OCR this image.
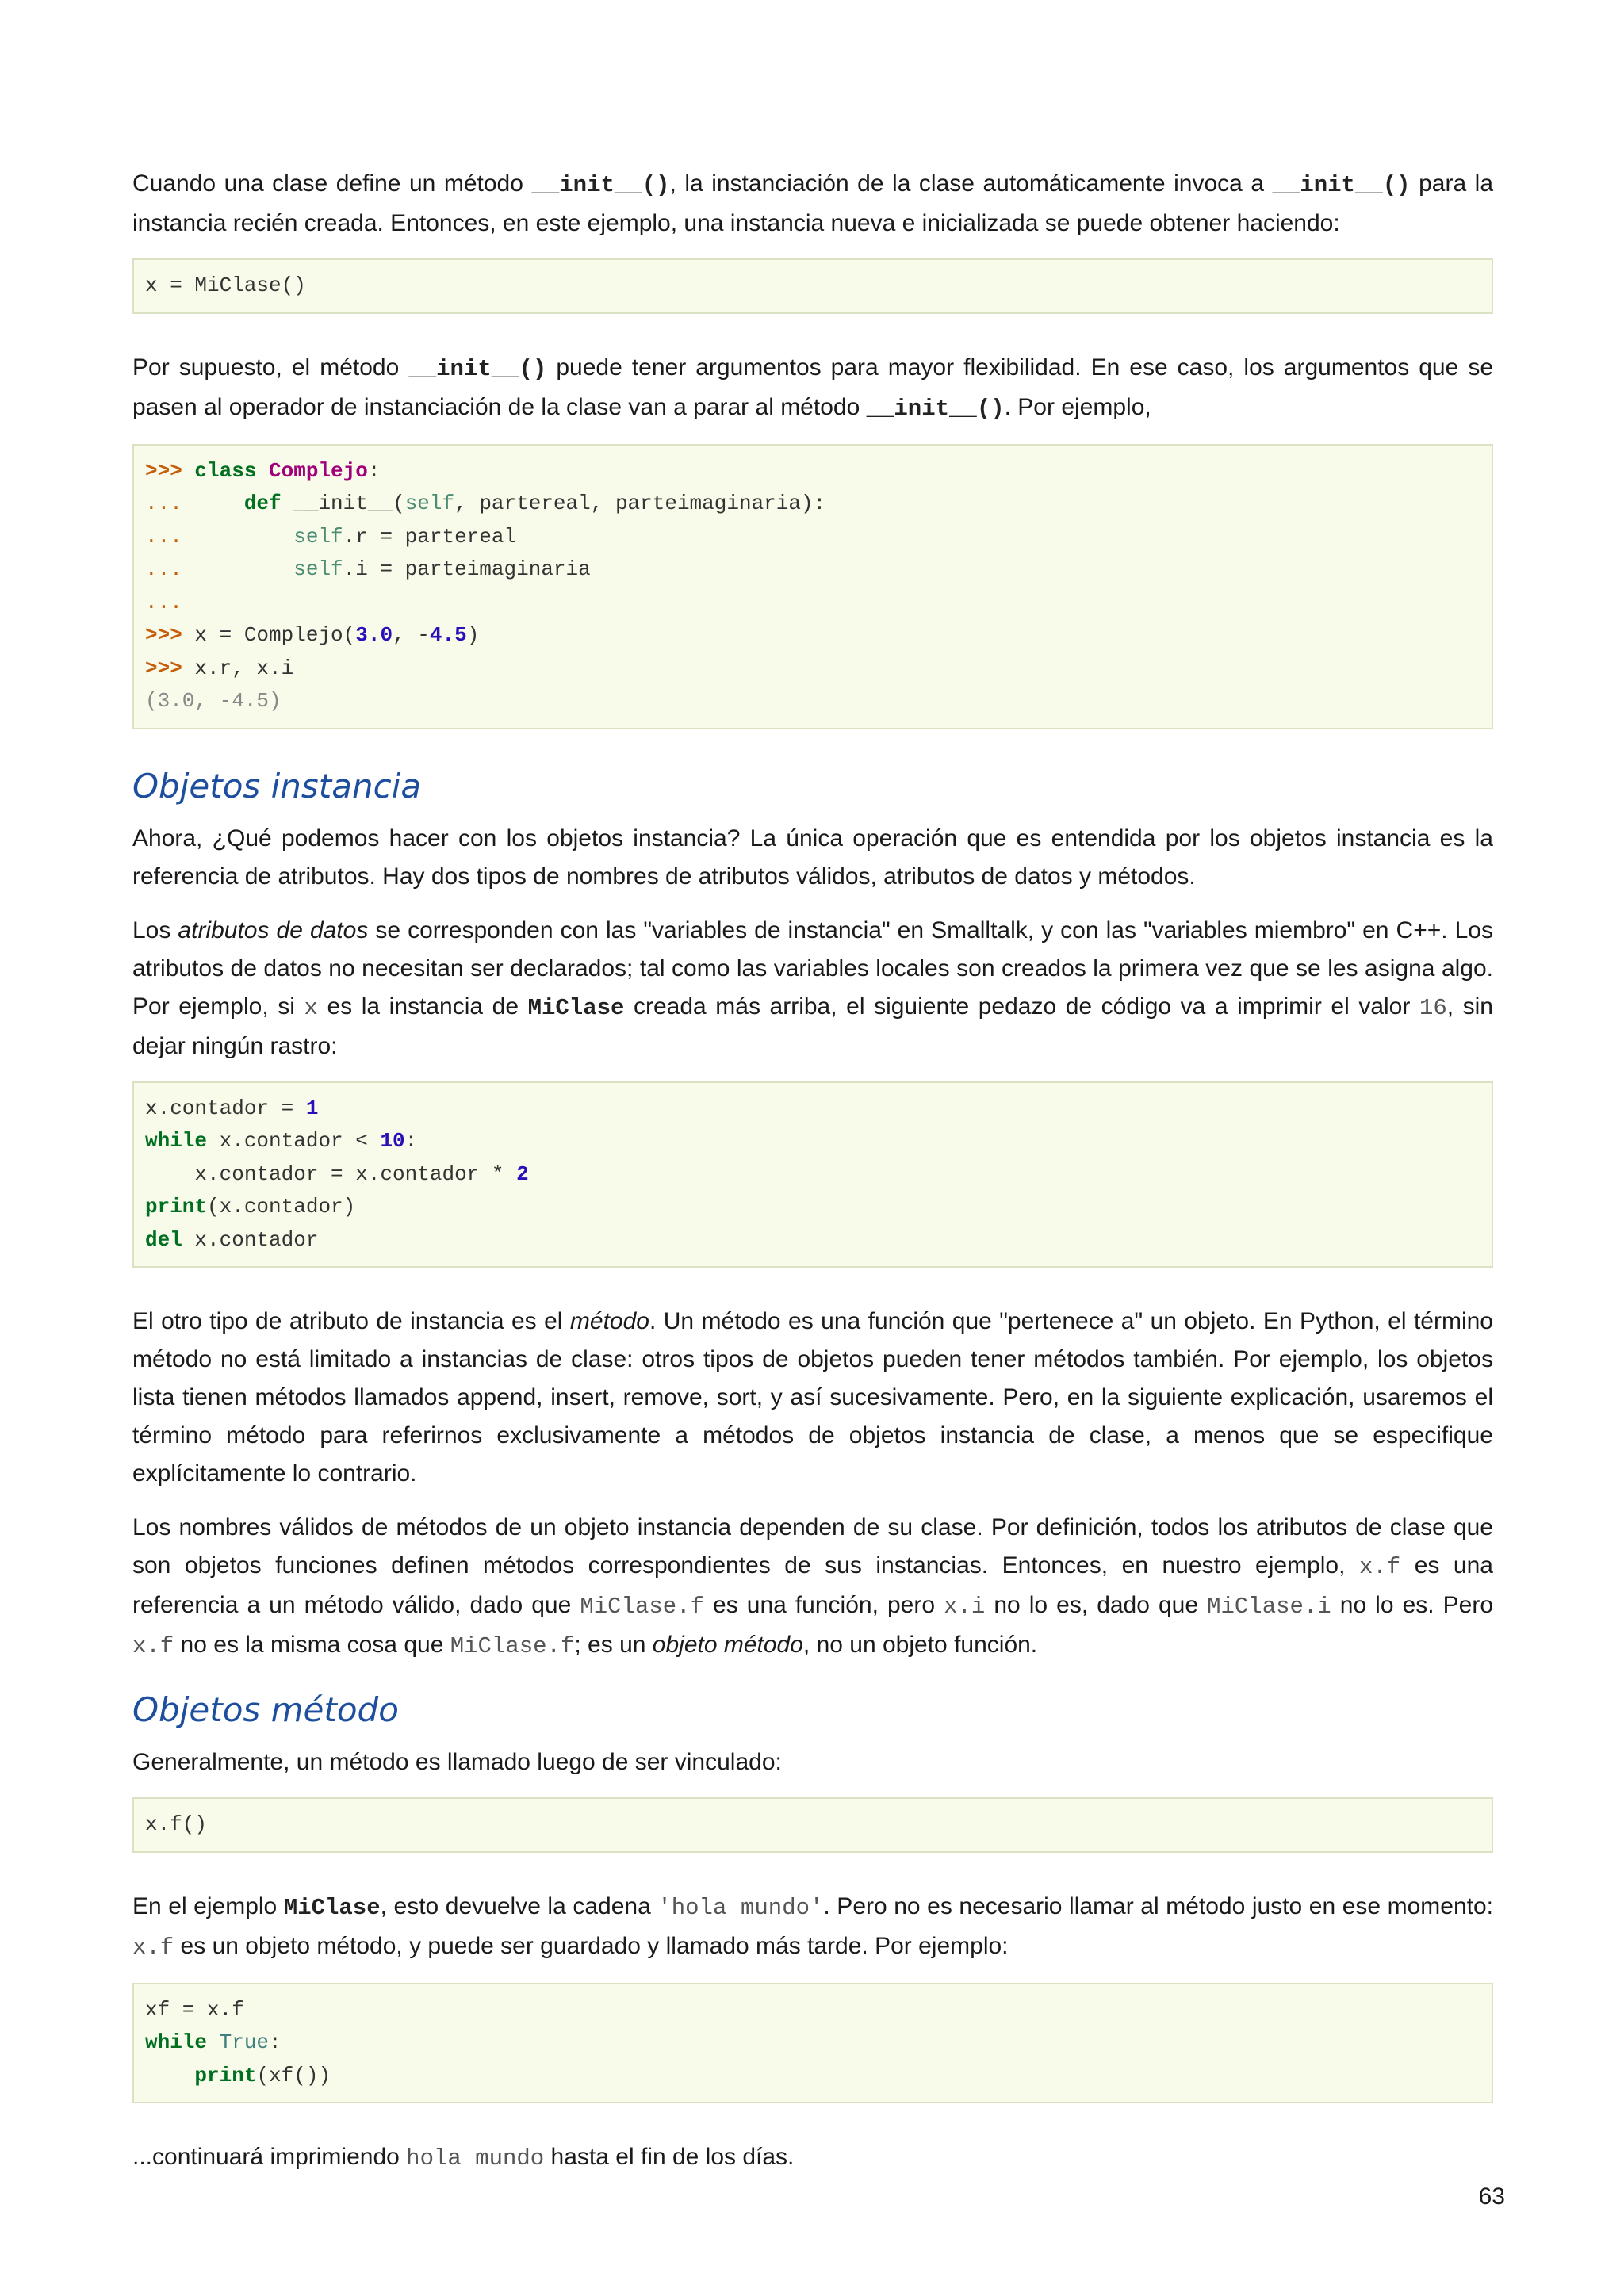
Cuando una clase define un método __init__(), la instanciación de la clase automáticamente invoca a __init__() para la instancia recién creada. Entonces, en este ejemplo, una instancia nueva e inicializada se puede obtener haciendo:

x = MiClase()

Por supuesto, el método __init__() puede tener argumentos para mayor flexibilidad. En ese caso, los argumentos que se pasen al operador de instanciación de la clase van a parar al método __init__(). Por ejemplo,

>>> class Complejo:
...	def __init__(self, partereal, parteimaginaria):
...	self.r = partereal
...	self.i = parteimaginaria
...
>>> x = Complejo(3.0, -4.5)
>>> x.r, x.i
(3.0, -4.5)
Objetos instancia

Ahora, ¿Qué podemos hacer con los objetos instancia? La única operación que es entendida por los objetos instancia es la referencia de atributos. Hay dos tipos de nombres de atributos válidos, atributos de datos y métodos.

Los atributos de datos se corresponden con las "variables de instancia" en Smalltalk, y con las "variables miembro" en C++. Los atributos de datos no necesitan ser declarados; tal como las variables locales son creados la primera vez que se les asigna algo. Por ejemplo, si x es la instancia de MiClase creada más arriba, el siguiente pedazo de código va a imprimir el valor 16, sin dejar ningún rastro:

x.contador = 1
while x.contador < 10:
x.contador = x.contador * 2
print(x.contador)
del x.contador

El otro tipo de atributo de instancia es el método. Un método es una función que "pertenece a" un objeto. En Python, el término método no está limitado a instancias de clase: otros tipos de objetos pueden tener métodos también. Por ejemplo, los objetos lista tienen métodos llamados append, insert, remove, sort, y así sucesivamente. Pero, en la siguiente explicación, usaremos el término método para referirnos exclusivamente a métodos de objetos instancia de clase, a menos que se especifique explícitamente lo contrario.

Los nombres válidos de métodos de un objeto instancia dependen de su clase. Por definición, todos los atributos de clase que son objetos funciones definen métodos correspondientes de sus instancias. Entonces, en nuestro ejemplo, x.f es una referencia a un método válido, dado que MiClase.f es una función, pero x.i no lo es, dado que MiClase.i no lo es. Pero x.f no es la misma cosa que MiClase.f; es un objeto método, no un objeto función.

Objetos método

Generalmente, un método es llamado luego de ser vinculado:

x.f()

En el ejemplo MiClase, esto devuelve la cadena 'hola mundo'. Pero no es necesario llamar al método justo en ese momento: x.f es un objeto método, y puede ser guardado y llamado más tarde. Por ejemplo:

xf = x.f
while True:
print(xf())

...continuará imprimiendo hola mundo hasta el fin de los días.

63
